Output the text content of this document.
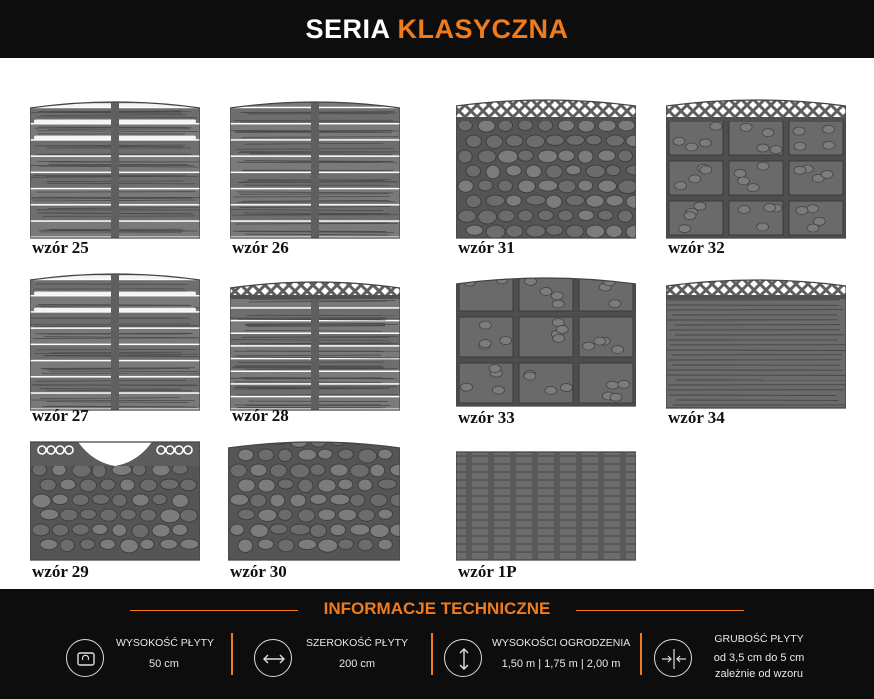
SERIA KLASYCZNA
wzór 25	wzór 26	wzór 31	wzór 32
wzór 27	wzór 28	wzór 33	wzór 34
wzór 29	wzór 30	wzór 1P
INFORMACJE TECHNICZNE
WYSOKOŚĆ PŁYTY
50 cm
SZEROKOŚĆ PŁYTY
200 cm
WYSOKOŚCI OGRODZENIA
1,50 m | 1,75 m | 2,00 m
GRUBOŚĆ PŁYTY
od 3,5 cm do 5 cm
zależnie od wzoru
